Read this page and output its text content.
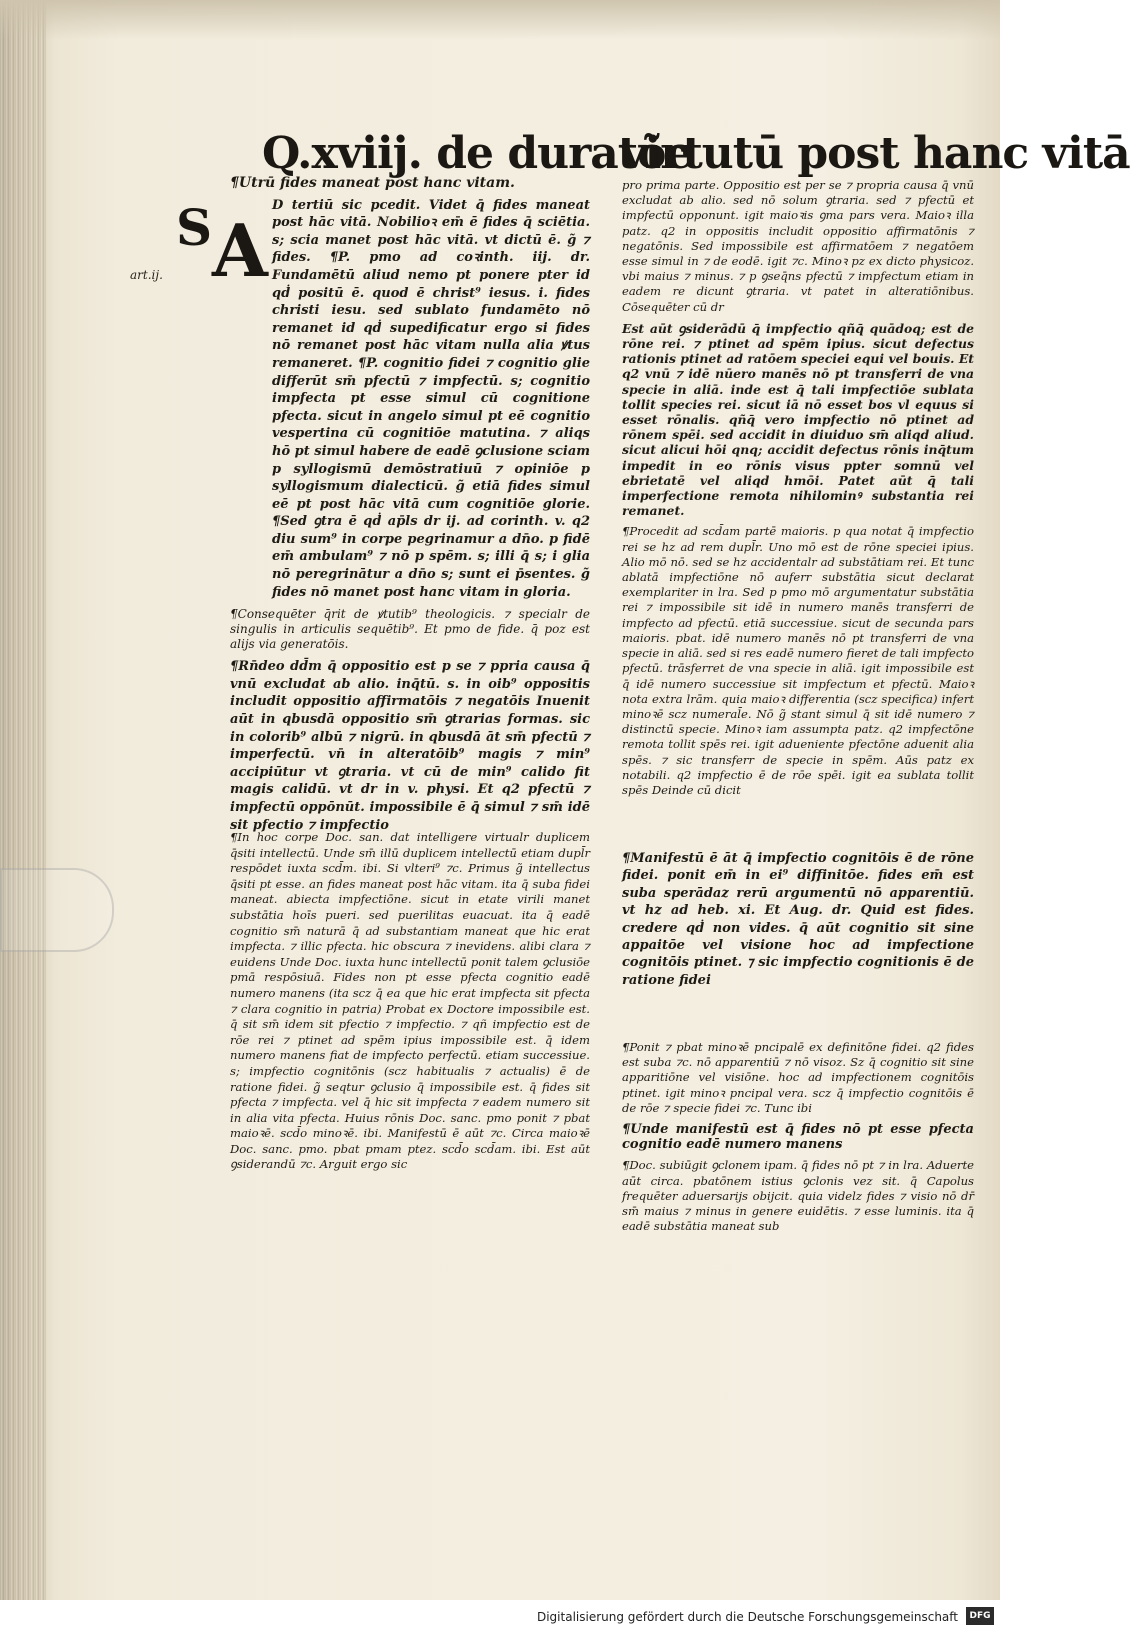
Q.xviij. de duratõe
virtutū post hanc vitā
S
art.ij.

¶Utrū fides maneat post hanc vitam.

D tertiū sic pcedit. Videt q̄ fides maneat post hāc vitā. Nobilioꝛ em̄ ē fides q̄ sciētia. s; scia manet post hāc vitā. vt dictū ē. g̃ ⁊ fides. ¶P. pmo ad coꝛinth. iij. dr. Fundamētū aliud nemo pt ponere pter id qḋ positū ē. quod ē christ⁹ iesus. i. fides christi iesu. sed sublato fundamēto nō remanet id qḋ supedificatur ergo si fides nō remanet post hāc vitam nulla alia ꝟtus remaneret. ¶P. cognitio fidei ⁊ cognitio glie differūt sm̄ pfectū ⁊ impfectū. s; cognitio impfecta pt esse simul cū cognitione pfecta. sicut in angelo simul pt eē cognitio vespertina cū cognitiōe matutina. ⁊ aliqs hō pt simul habere de eadē ꝯclusione sciam p syllogismū demōstratiuū ⁊ opiniōe p syllogismum dialecticū. g̃ etiā fides simul eē pt post hāc vitā cum cognitiōe glorie. ¶Sed ꝯtra ē qḋ ap̄ls dr ij. ad corinth. v. q2 diu sum⁹ in corpe pegrinamur a dn̄o. p fidē em̄ ambulam⁹ ⁊ nō p spēm. s; illi q̄ s; i glia nō peregrinātur a dn̄o s; sunt ei p̄sentes. g̃ fides nō manet post hanc vitam in gloria.

¶Consequēter q̄rit de ꝟtutib⁹ theologicis. ⁊ specialr de singulis in articulis sequētib⁹. Et pmo de fide. q̄ poz est alijs via generatōis.

¶Rn̄deo dd̄m q̄ oppositio est p se ⁊ ppria causa q̄ vnū excludat ab alio. inq̄tū. s. in oib⁹ oppositis includit oppositio affirmatōis ⁊ negatōis Inuenit aūt in qbusdā oppositio sm̄ ꝯtrarias formas. sic in colorib⁹ albū ⁊ nigrū. in qbusdā āt sm̄ pfectū ⁊ imperfectū. vn̄ in alteratōib⁹ magis ⁊ min⁹ accipiūtur vt ꝯtraria. vt cū de min⁹ calido fit magis calidū. vt dr in v. physi. Et q2 pfectū ⁊ impfectū oppōnūt. impossibile ē q̄ simul ⁊ sm̄ idē sit pfectio ⁊ impfectio

A

¶In hoc corpe Doc. san. dat intelligere virtualr duplicem q̄siti intellectū. Unde sm̄ illū duplicem intellectū etiam dupl̄r respōdet iuxta scd̄m. ibi. Si vlteri⁹ ⁊c. Primus g̃ intellectus q̄siti pt esse. an fides maneat post hāc vitam. ita q̄ suba fidei maneat. abiecta impfectiōne. sicut in etate virili manet substātia hoīs pueri. sed puerilitas euacuat. ita q̄ eadē cognitio sm̄ naturā q̄ ad substantiam maneat que hic erat impfecta. ⁊ illic pfecta. hic obscura ⁊ inevidens. alibi clara ⁊ euidens Unde Doc. iuxta hunc intellectū ponit talem ꝯclusiōe pmā respōsiuā. Fides non pt esse pfecta cognitio eadē numero manens (ita scz q̄ ea que hic erat impfecta sit pfecta ⁊ clara cognitio in patria) Probat ex Doctore impossibile est. q̄ sit sm̄ idem sit pfectio ⁊ impfectio. ⁊ qñ impfectio est de rōe rei ⁊ ptinet ad spēm ipius impossibile est. q̄ idem numero manens fiat de impfecto perfectū. etiam successiue. s; impfectio cognitōnis (scz habitualis ⁊ actualis) ē de ratione fidei. g̃ seqtur ꝯclusio q̄ impossibile est. q̄ fides sit pfecta ⁊ impfecta. vel q̄ hic sit impfecta ⁊ eadem numero sit in alia vita pfecta. Huius rōnis Doc. sanc. pmo ponit ⁊ pbat maioꝛē. scd̄o minoꝛē. ibi. Manifestū ē aūt ⁊c. Circa maioꝛē Doc. sanc. pmo. pbat pmam ptez. scd̄o scd̄am. ibi. Est aūt ꝯsiderandū ⁊c. Arguit ergo sic

pro prima parte. Oppositio est per se ⁊ propria causa q̄ vnū excludat ab alio. sed nō solum ꝯtraria. sed ⁊ pfectū et impfectū opponunt. igit maioꝛis ꝯma pars vera. Maioꝛ illa patz. q2 in oppositis includit oppositio affirmatōnis ⁊ negatōnis. Sed impossibile est affirmatōem ⁊ negatōem esse simul in ⁊ de eodē. igit ⁊c. Minoꝛ pz ex dicto physicoz. vbi maius ⁊ minus. ⁊ p ꝯseq̄ns pfectū ⁊ impfectum etiam in eadem re dicunt ꝯtraria. vt patet in alteratiōnibus. Cōsequēter cū dr

Est aūt ꝯsiderādū q̄ impfectio qñq̄ quādoq; est de rōne rei. ⁊ ptinet ad spēm ipius. sicut defectus rationis ptinet ad ratōem speciei equi vel bouis. Et q2 vnū ⁊ idē nūero manēs nō pt transferri de vna specie in aliā. inde est q̄ tali impfectiōe sublata tollit species rei. sicut iā nō esset bos vl equus si esset rōnalis. qñq̄ vero impfectio nō ptinet ad rōnem spēi. sed accidit in diuiduo sm̄ aliqd aliud. sicut alicui hōi qnq; accidit defectus rōnis inq̄tum impedit in eo rōnis visus ppter somnū vel ebrietatē vel aliqd hmōi. Patet aūt q̄ tali imperfectione remota nihilominꝰ substantia rei remanet.

¶Procedit ad scd̄am partē maioris. p qua notat q̄ impfectio rei se hz ad rem dupl̄r. Uno mō est de rōne speciei ipius. Alio mō nō. sed se hz accidentalr ad substātiam rei. Et tunc ablatā impfectiōne nō auferr substātia sicut declarat exemplariter in lra. Sed p pmo mō argumentatur substātia rei ⁊ impossibile sit idē in numero manēs transferri de impfecto ad pfectū. etiā successiue. sicut de secunda pars maioris. pbat. idē numero manēs nō pt transferri de vna specie in aliā. sed si res eadē numero fieret de tali impfecto pfectū. trāsferret de vna specie in aliā. igit impossibile est q̄ idē numero successiue sit impfectum et pfectū. Maioꝛ nota extra lrām. quia maioꝛ differentia (scz specifica) infert minoꝛē scz numeral̄e. Nō g̃ stant simul q̄ sit idē numero ⁊ distinctū specie. Minoꝛ iam assumpta patz. q2 impfectōne remota tollit spēs rei. igit adueniente pfectōne aduenit alia spēs. ⁊ sic transferr de specie in spēm. Aūs patz ex notabili. q2 impfectio ē de rōe spēi. igit ea sublata tollit spēs Deinde cū dicit

¶Manifestū ē āt q̄ impfectio cognitōis ē de rōne fidei. ponit em̄ in ei⁹ diffinitōe. fides em̄ est suba sperādaz rerū argumentū nō apparentiū. vt hz ad heb. xi. Et Aug. dr. Quid est fides. credere qḋ non vides. q̄ aūt cognitio sit sine appaitōe vel visione hoc ad impfectione cognitōis ptinet. ⁊ sic impfectio cognitionis ē de ratione fidei

¶Ponit ⁊ pbat minoꝛē pncipalē ex definitōne fidei. q2 fides est suba ⁊c. nō apparentiū ⁊ nō visoz. Sz q̄ cognitio sit sine apparitiōne vel visiōne. hoc ad impfectionem cognitōis ptinet. igit minoꝛ pncipal vera. scz q̄ impfectio cognitōis ē de rōe ⁊ specie fidei ⁊c. Tunc ibi

¶Unde manifestū est q̄ fides nō pt esse pfecta cognitio eadē numero manens

¶Doc. subiūgit ꝯclonem ipam. q̄ fides nō pt ⁊ in lra. Aduerte aūt circa. pbatōnem istius ꝯclonis vez sit. q̄ Capolus frequēter aduersarijs obijcit. quia videlz fides ⁊ visio nō dr̄ sm̄ maius ⁊ minus in genere euidētis. ⁊ esse luminis. ita q̄ eadē substātia maneat sub

Digitalisierung gefördert durch die Deutsche Forschungsgemeinschaft	DFG
